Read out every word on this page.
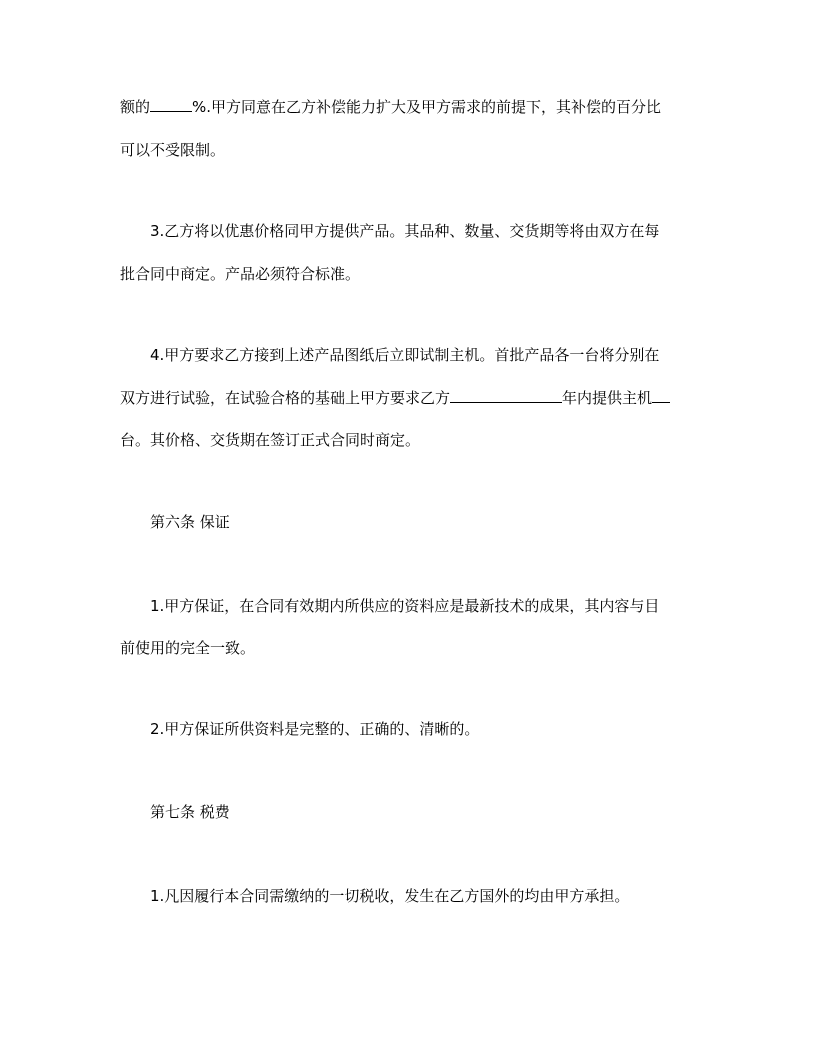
额的	%.甲方同意在乙方补偿能力扩大及甲方需求的前提下，其补偿的百分比
可以不受限制。
3.乙方将以优惠价格同甲方提供产品。其品种、数量、交货期等将由双方在每
批合同中商定。产品必须符合标准。
4.甲方要求乙方接到上述产品图纸后立即试制主机。首批产品各一台将分别在
双方进行试验，在试验合格的基础上甲方要求乙方	年内提供主机
台。其价格、交货期在签订正式合同时商定。
第六条 保证
1.甲方保证，在合同有效期内所供应的资料应是最新技术的成果，其内容与目
前使用的完全一致。
2.甲方保证所供资料是完整的、正确的、清晰的。
第七条 税费
1.凡因履行本合同需缴纳的一切税收，发生在乙方国外的均由甲方承担。
